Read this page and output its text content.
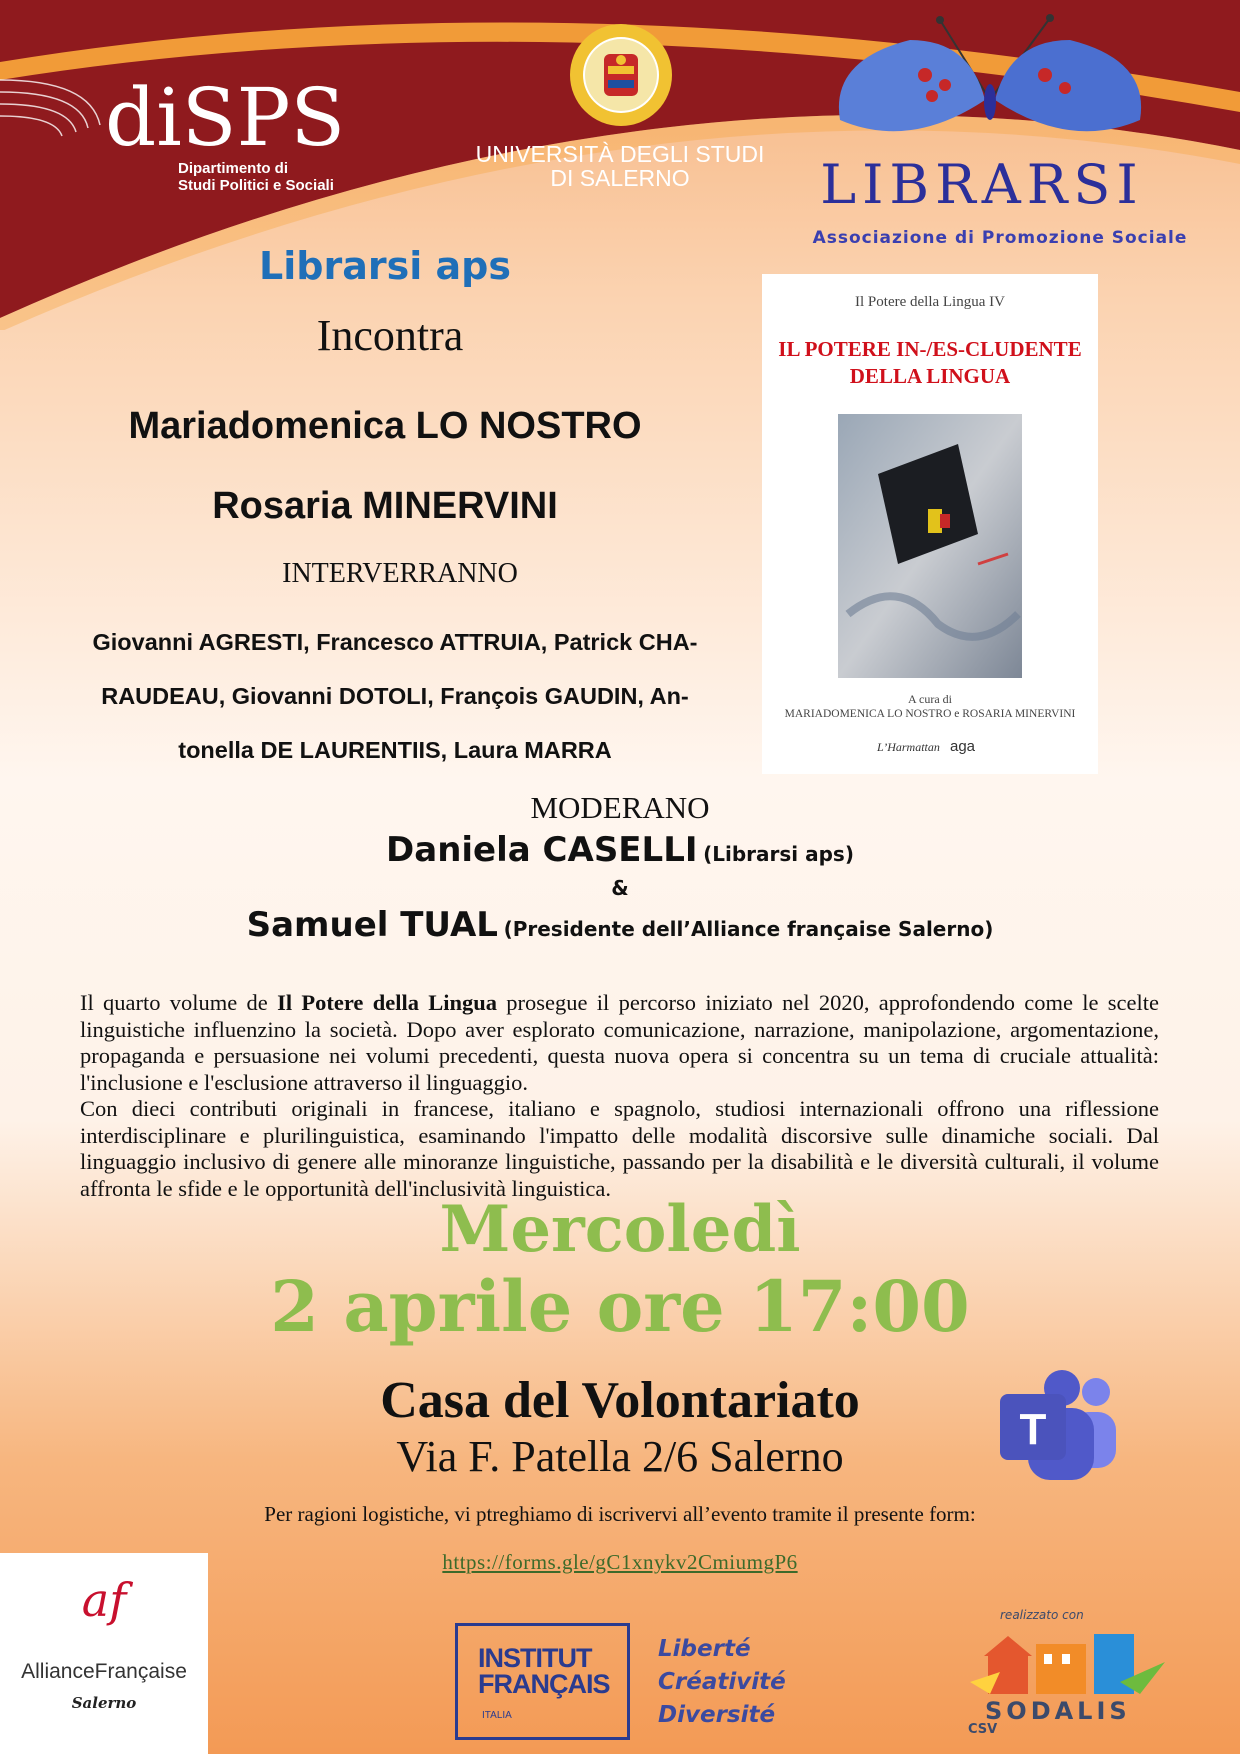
diSPS
Dipartimento di
Studi Politici e Sociali
UNIVERSITÀ DEGLI STUDI
DI SALERNO	LIBRARSI
Associazione di Promozione Sociale
Librarsi aps
Incontra
Mariadomenica LO NOSTRO
Rosaria MINERVINI
INTERVERRANNO
Giovanni AGRESTI, Francesco ATTRUIA, Patrick CHA-
RAUDEAU, Giovanni DOTOLI, François GAUDIN, An-
tonella DE LAURENTIIS, Laura MARRA
Il Potere della Lingua IV
IL POTERE IN-/ES-CLUDENTE
DELLA LINGUA
A cura di
MARIADOMENICA LO NOSTRO e ROSARIA MINERVINI
L’Harmattan aga
MODERANO
Daniela CASELLI (Librarsi aps)
&
Samuel TUAL (Presidente dell’Alliance française Salerno)

Il quarto volume de Il Potere della Lingua prosegue il percorso iniziato nel 2020, approfondendo come le scelte linguistiche influenzino la società. Dopo aver esplorato comunicazione, narrazione, manipolazione, argomentazione, propaganda e persuasione nei volumi precedenti, questa nuova opera si concentra su un tema di cruciale attualità: l'inclusione e l'esclusione attraverso il linguaggio.

Con dieci contributi originali in francese, italiano e spagnolo, studiosi internazionali offrono una riflessione interdisciplinare e plurilinguistica, esaminando l'impatto delle modalità discorsive sulle dinamiche sociali. Dal linguaggio inclusivo di genere alle minoranze linguistiche, passando per la disabilità e le diversità culturali, il volume affronta le sfide e le opportunità dell'inclusività linguistica.

Mercoledì
2 aprile ore 17:00
Casa del Volontariato
Via F. Patella 2/6 Salerno
T
Per ragioni logistiche, vi ptreghiamo di iscrivervi all’evento tramite il presente form:
https://forms.gle/gC1xnykv2CmiumgP6
af
AllianceFrançaise
Salerno
INSTITUT
FRANÇAIS
ITALIA
Liberté
Créativité
Diversité
realizzato con
SODALIS
CSV
